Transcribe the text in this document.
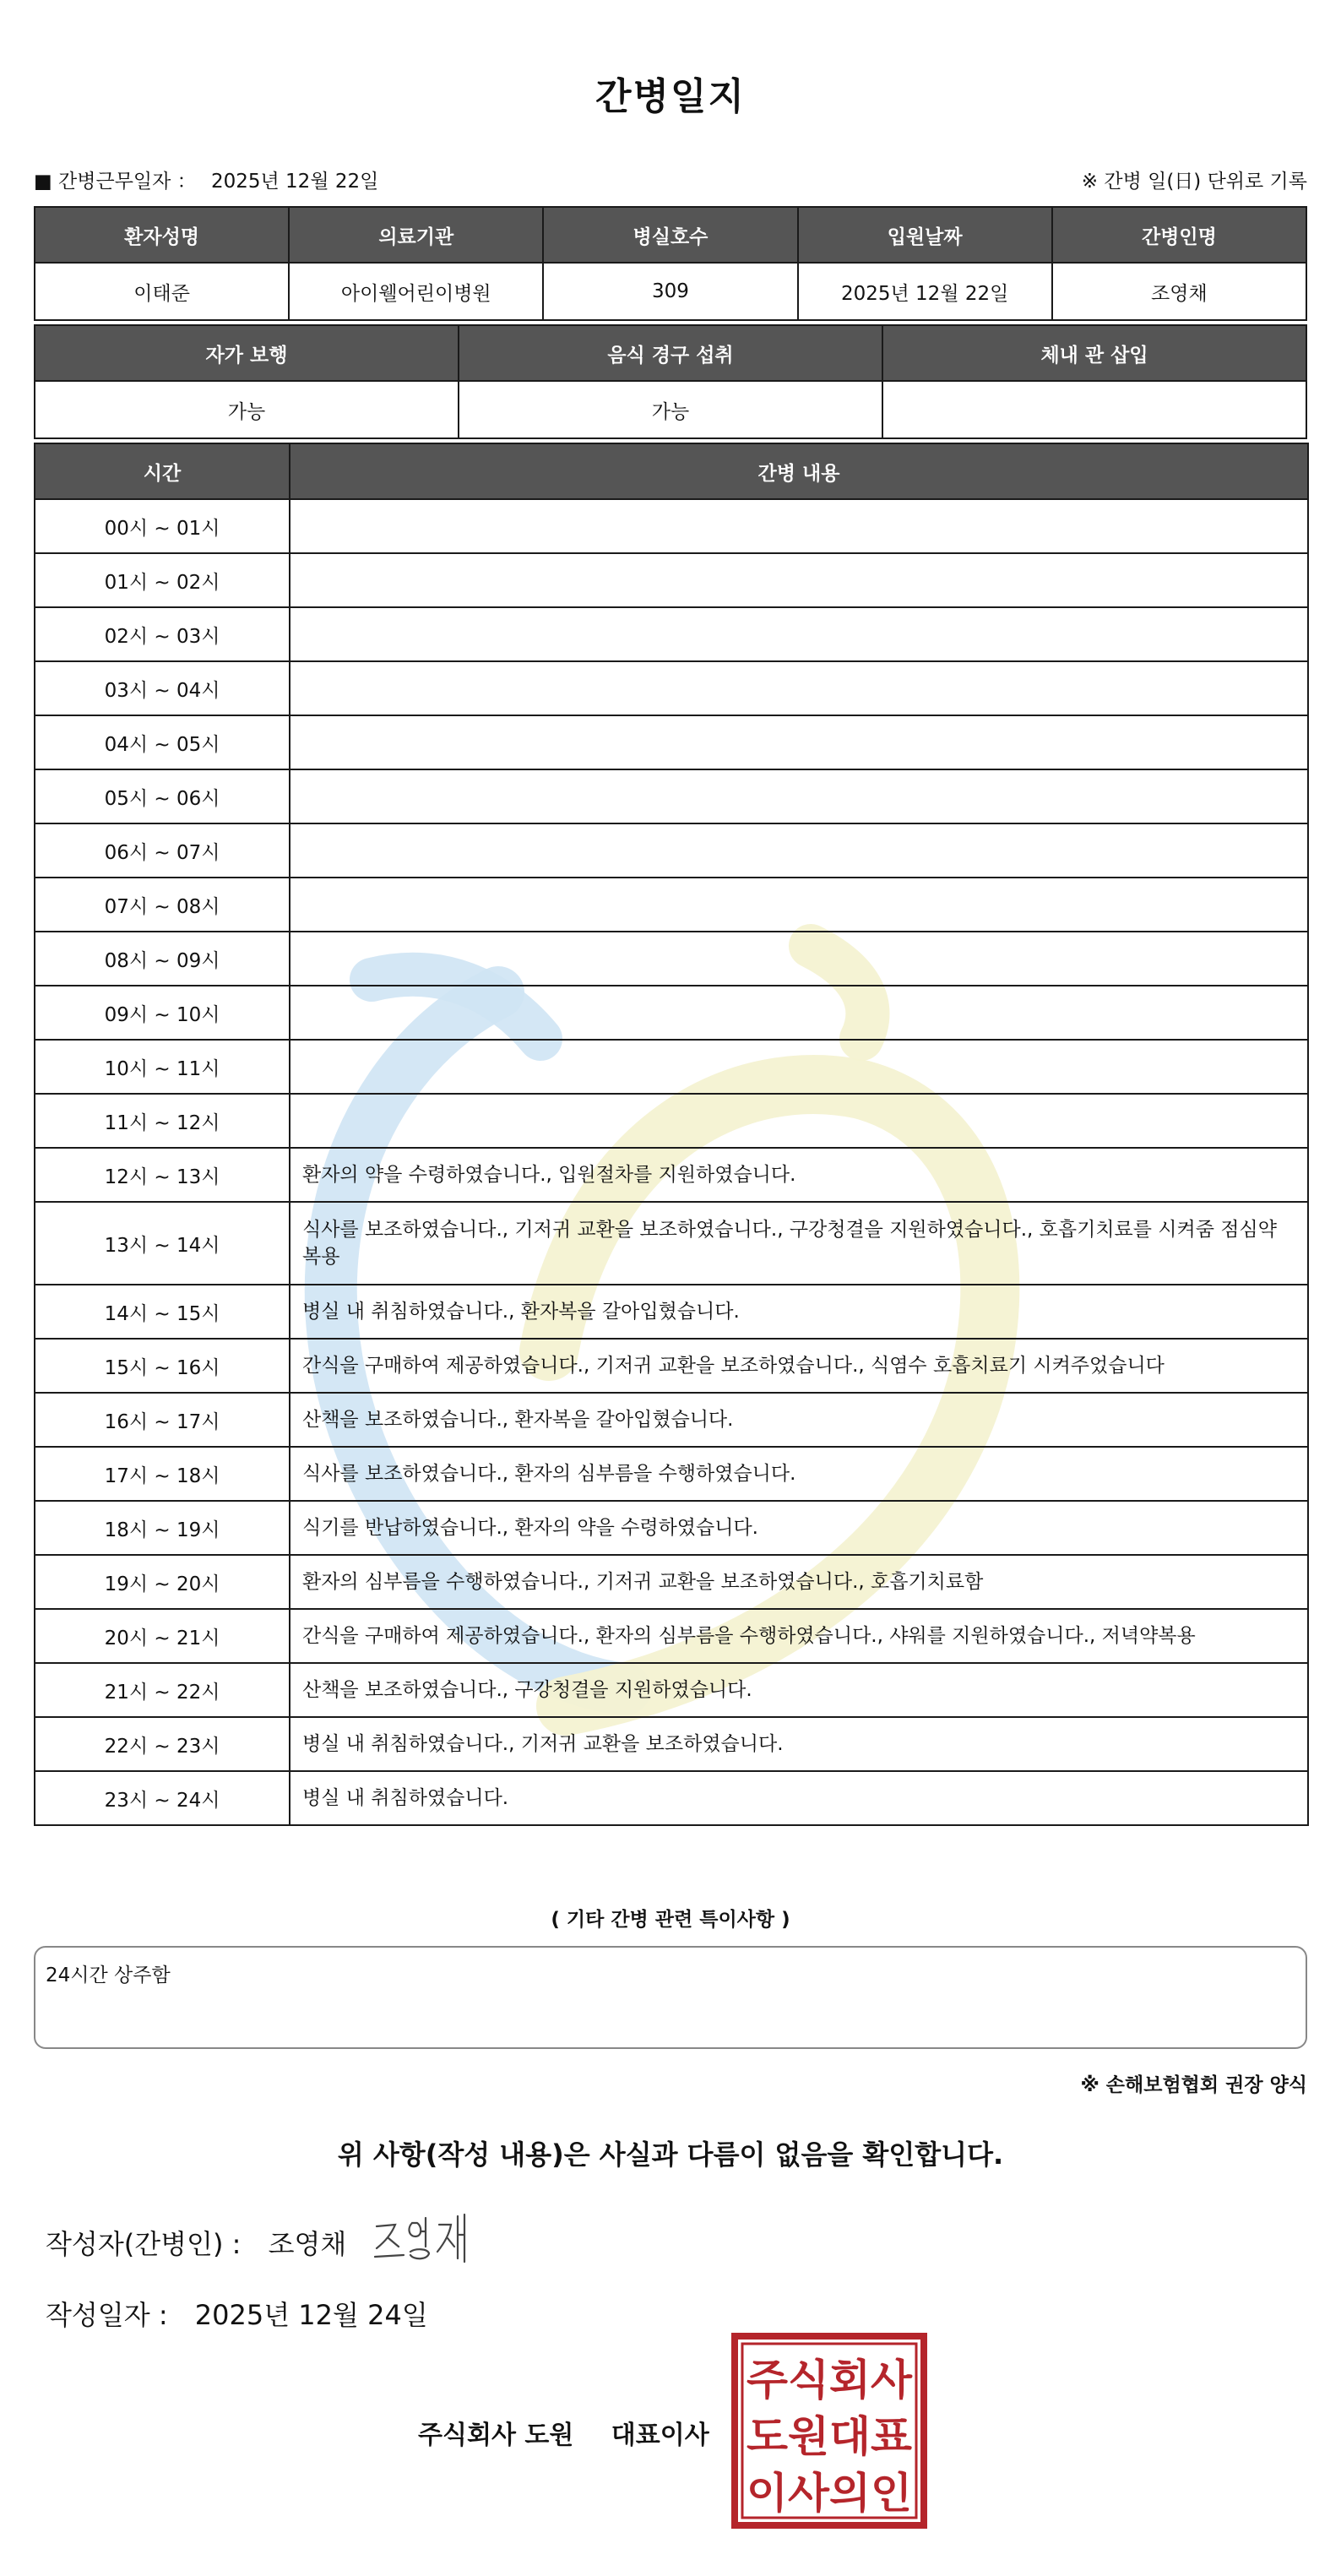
간병일지
■ 간병근무일자 ： 2025년 12월 22일	※ 간병 일(日) 단위로 기록
환자성명	의료기관	병실호수	입원날짜	간병인명
이태준	아이웰어린이병원	309	2025년 12월 22일	조영채
자가 보행	음식 경구 섭취	체내 관 삽입
가능	가능	
시간	간병 내용
00시 ~ 01시	
01시 ~ 02시	
02시 ~ 03시	
03시 ~ 04시	
04시 ~ 05시	
05시 ~ 06시	
06시 ~ 07시	
07시 ~ 08시	
08시 ~ 09시	
09시 ~ 10시	
10시 ~ 11시	
11시 ~ 12시	
12시 ~ 13시	환자의 약을 수령하였습니다., 입원절차를 지원하였습니다.
13시 ~ 14시	식사를 보조하였습니다., 기저귀 교환을 보조하였습니다., 구강청결을 지원하였습니다., 호흡기치료를 시켜줌 점심약복용
14시 ~ 15시	병실 내 취침하였습니다., 환자복을 갈아입혔습니다.
15시 ~ 16시	간식을 구매하여 제공하였습니다., 기저귀 교환을 보조하였습니다., 식염수 호흡치료기 시켜주었습니다
16시 ~ 17시	산책을 보조하였습니다., 환자복을 갈아입혔습니다.
17시 ~ 18시	식사를 보조하였습니다., 환자의 심부름을 수행하였습니다.
18시 ~ 19시	식기를 반납하였습니다., 환자의 약을 수령하였습니다.
19시 ~ 20시	환자의 심부름을 수행하였습니다., 기저귀 교환을 보조하였습니다., 호흡기치료함
20시 ~ 21시	간식을 구매하여 제공하였습니다., 환자의 심부름을 수행하였습니다., 샤워를 지원하였습니다., 저녁약복용
21시 ~ 22시	산책을 보조하였습니다., 구강청결을 지원하였습니다.
22시 ~ 23시	병실 내 취침하였습니다., 기저귀 교환을 보조하였습니다.
23시 ~ 24시	병실 내 취침하였습니다.
( 기타 간병 관련 특이사항 )
24시간 상주함
※ 손해보험협회 권장 양식
위 사항(작성 내용)은 사실과 다름이 없음을 확인합니다.
작성자(간병인) : 조영채
작성일자 : 2025년 12월 24일
주식회사 도원 대표이사
주식회사
도원대표
이사의인
